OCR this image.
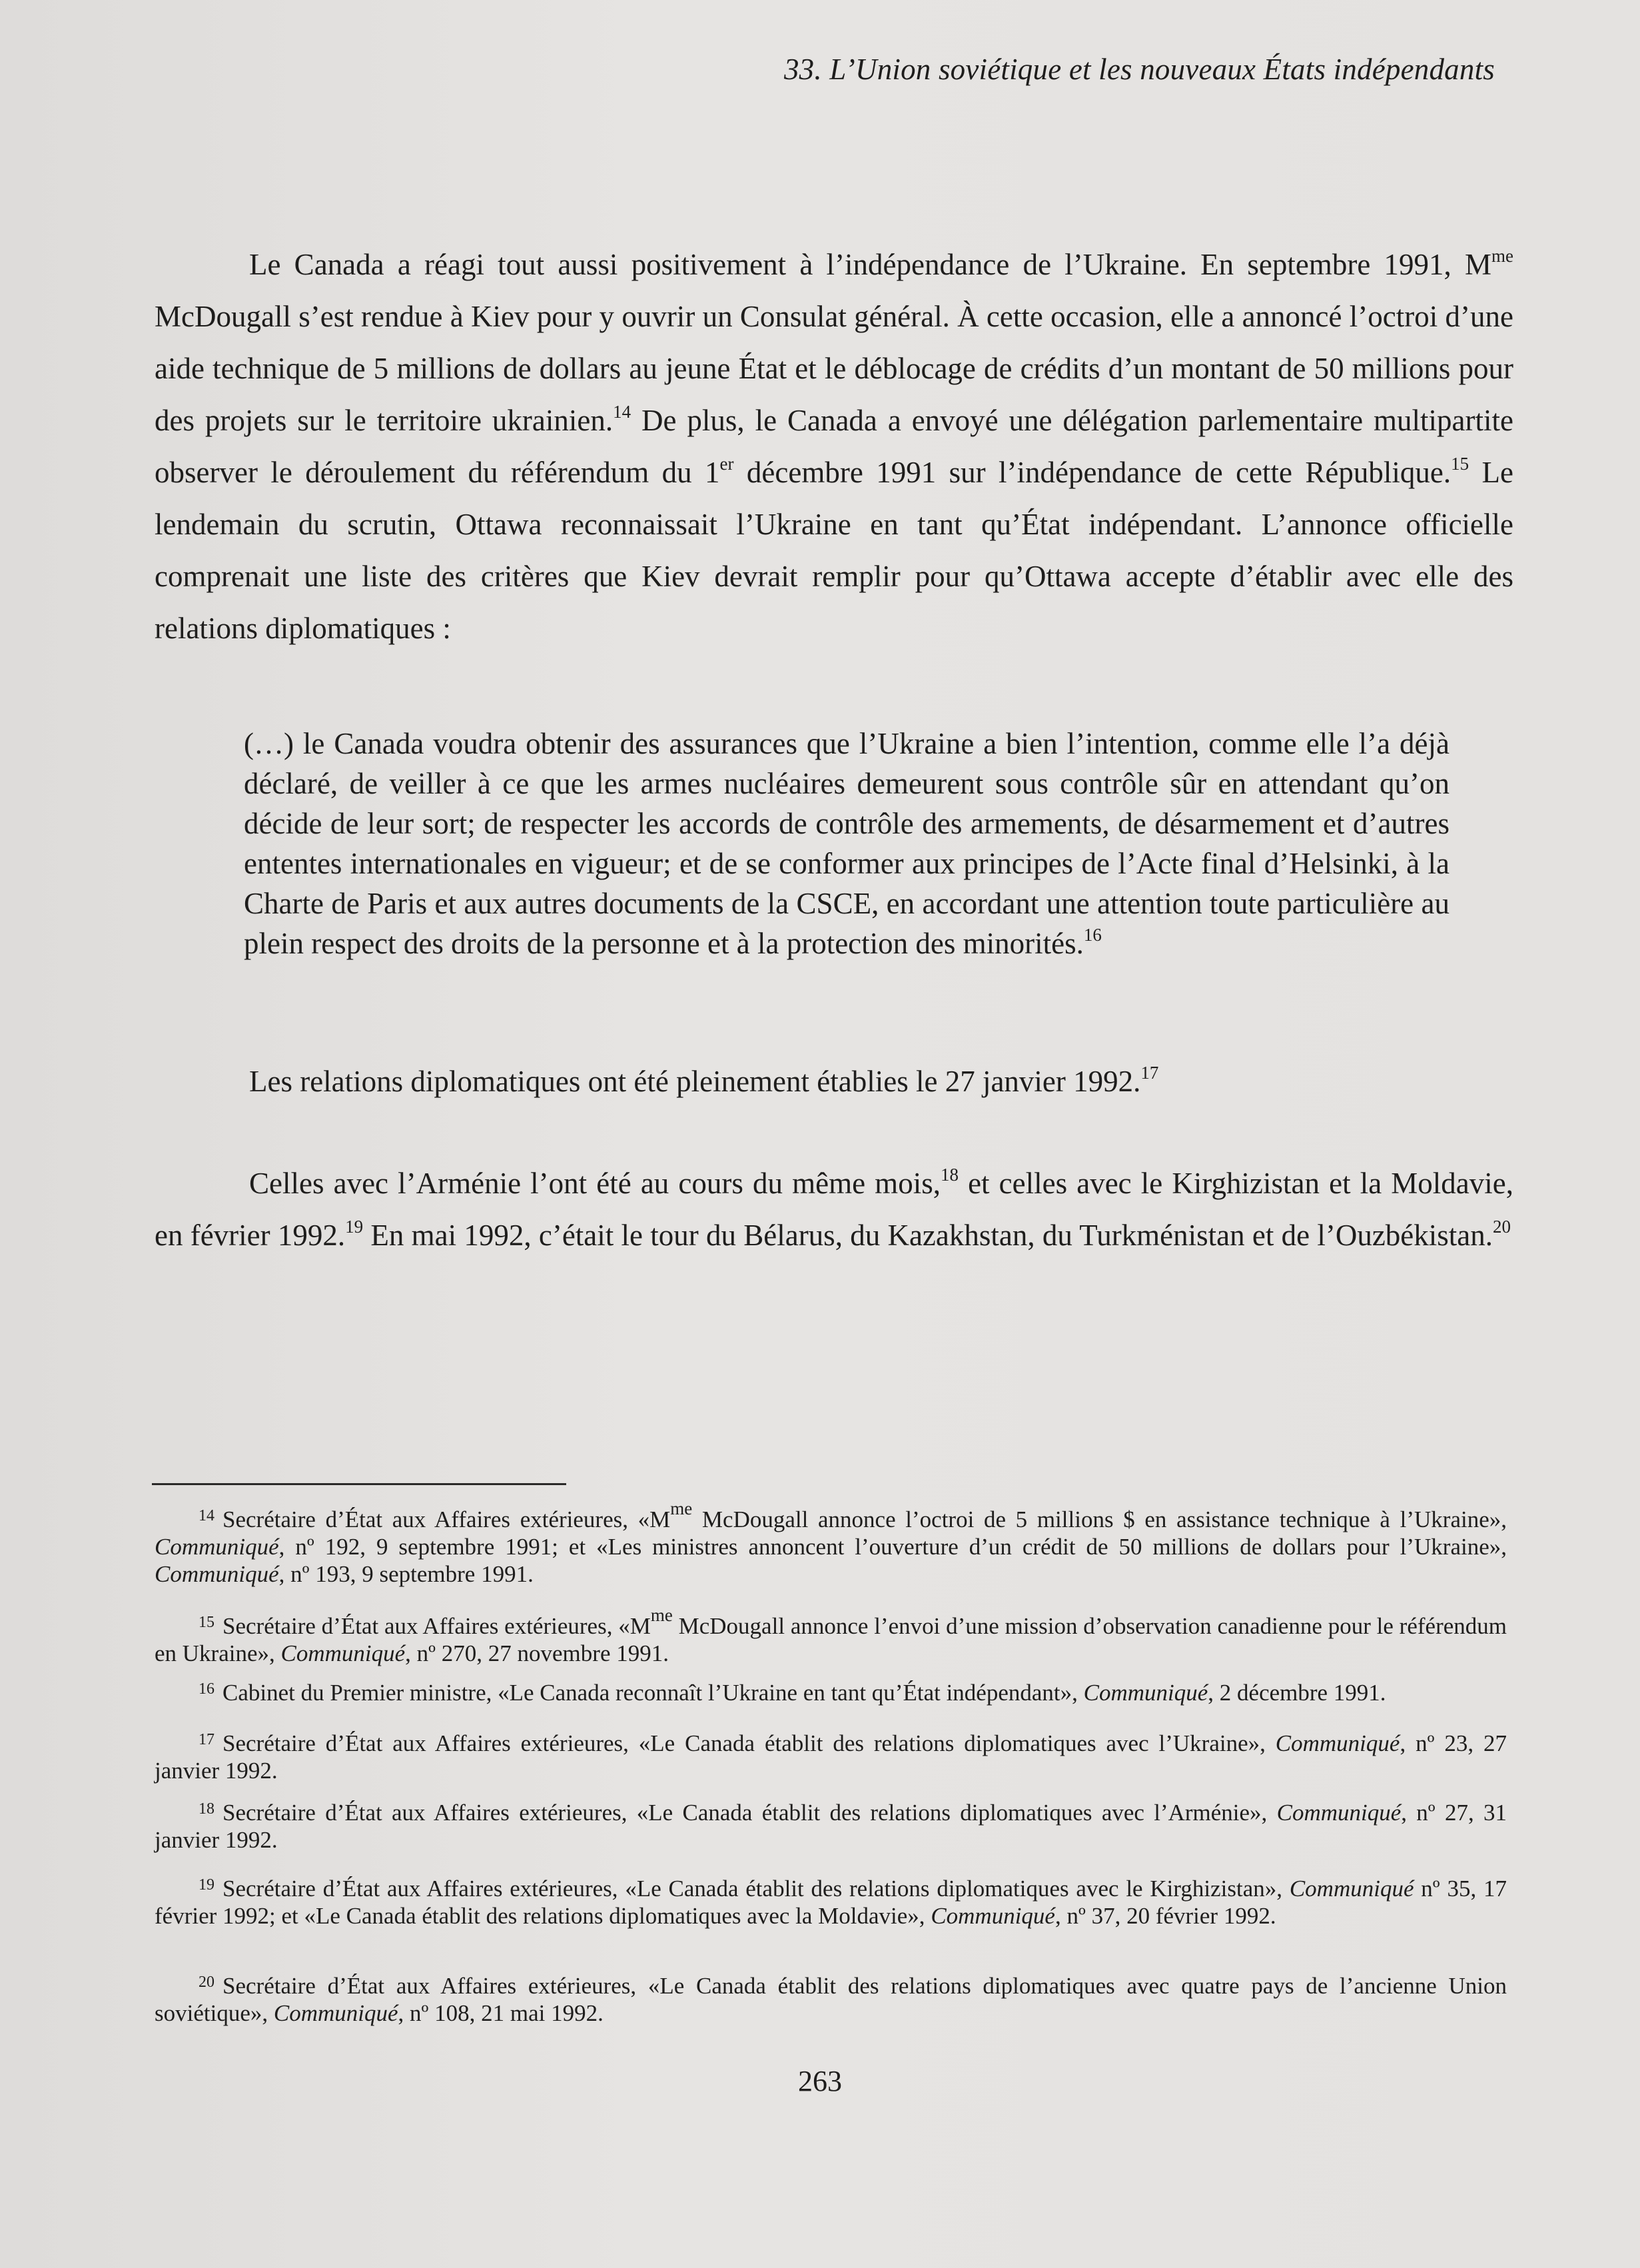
33. L’Union soviétique et les nouveaux États indépendants

Le Canada a réagi tout aussi positivement à l’indépendance de l’Ukraine. En septembre 1991, $M^{me}$ McDougall s’est rendue à Kiev pour y ouvrir un Consulat général. À cette occasion, elle a annoncé l’octroi d’une aide technique de 5 millions de dollars au jeune État et le déblocage de crédits d’un montant de 50 millions pour des projets sur le territoire ukrainien.$^{14}$ De plus, le Canada a envoyé une délégation parlementaire multipartite observer le déroulement du référendum du 1er décembre 1991 sur l’indépendance de cette République.$^{15}$ Le lendemain du scrutin, Ottawa reconnaissait l’Ukraine en tant qu’État indépendant. L’annonce officielle comprenait une liste des critères que Kiev devrait remplir pour qu’Ottawa accepte d’établir avec elle des relations diplomatiques :

(…) le Canada voudra obtenir des assurances que l’Ukraine a bien l’intention, comme elle l’a déjà déclaré, de veiller à ce que les armes nucléaires demeurent sous contrôle sûr en attendant qu’on décide de leur sort; de respecter les accords de contrôle des armements, de désarmement et d’autres ententes internationales en vigueur; et de se conformer aux principes de l’Acte final d’Helsinki, à la Charte de Paris et aux autres documents de la CSCE, en accordant une attention toute particulière au plein respect des droits de la personne et à la protection des minorités.$^{16}$

Les relations diplomatiques ont été pleinement établies le 27 janvier 1992.17

Celles avec l’Arménie l’ont été au cours du même mois,$^{18}$ et celles avec le Kirghizistan et la Moldavie, en février 1992.19 En mai 1992, c’était le tour du Bélarus, du Kazakhstan, du Turkménistan et de l’Ouzbékistan.$^{20}$

$^{14}$ Secrétaire d’État aux Affaires extérieures, «$M^{me}$ McDougall annonce l’octroi de 5 millions $ en assistance technique à l’Ukraine», Communiqué, nº 192, 9 septembre 1991; et «Les ministres annoncent l’ouverture d’un crédit de 50 millions de dollars pour l’Ukraine», Communiqué, nº 193, 9 septembre 1991.

$^{15}$ Secrétaire d’État aux Affaires extérieures, «$M^{me}$ McDougall annonce l’envoi d’une mission d’observation canadienne pour le référendum en Ukraine», Communiqué, nº 270, 27 novembre 1991.

$^{16}$ Cabinet du Premier ministre, «Le Canada reconnaît l’Ukraine en tant qu’État indépendant», Communiqué, 2 décembre 1991.

$^{17}$ Secrétaire d’État aux Affaires extérieures, «Le Canada établit des relations diplomatiques avec l’Ukraine», Communiqué, nº 23, 27 janvier 1992.

$^{18}$ Secrétaire d’État aux Affaires extérieures, «Le Canada établit des relations diplomatiques avec l’Arménie», Communiqué, nº 27, 31 janvier 1992.

$^{19}$ Secrétaire d’État aux Affaires extérieures, «Le Canada établit des relations diplomatiques avec le Kirghizistan», Communiqué nº 35, 17 février 1992; et «Le Canada établit des relations diplomatiques avec la Moldavie», Communiqué, nº 37, 20 février 1992.

$^{20}$ Secrétaire d’État aux Affaires extérieures, «Le Canada établit des relations diplomatiques avec quatre pays de l’ancienne Union soviétique», Communiqué, nº 108, 21 mai 1992.

263
